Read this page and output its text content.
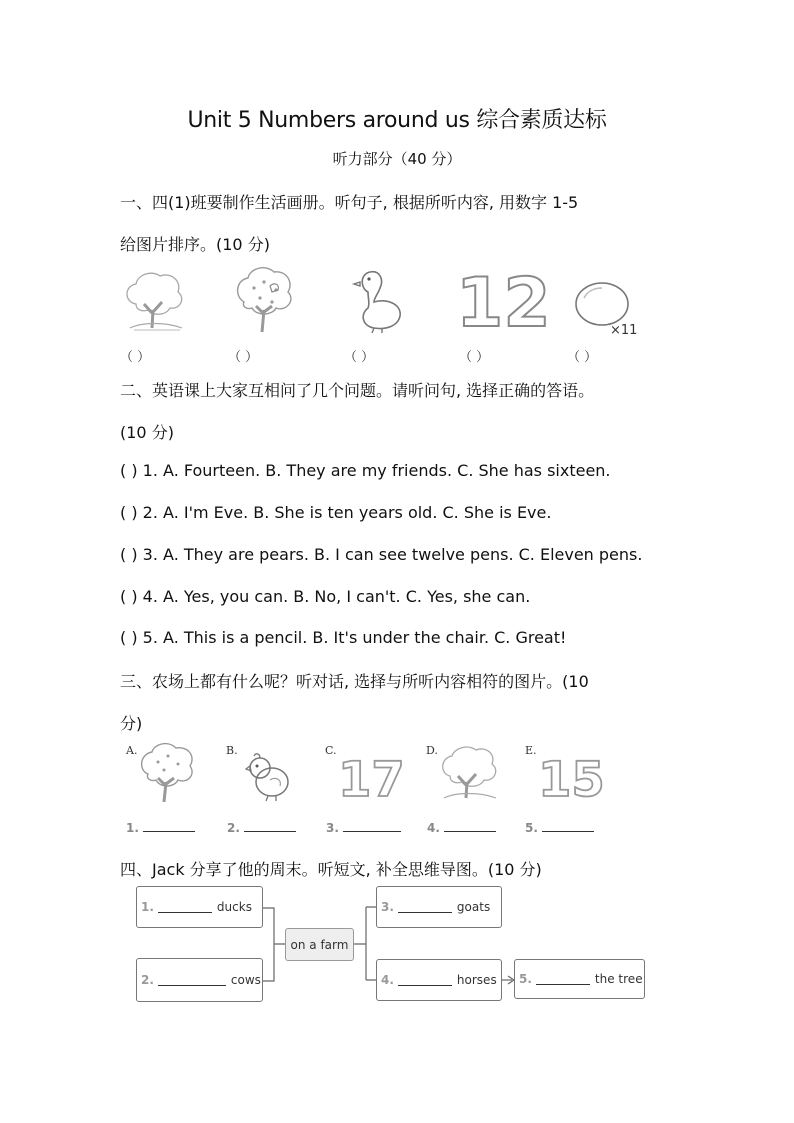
Unit 5 Numbers around us 综合素质达标
听力部分（40 分）
一、四(1)班要制作生活画册。听句子, 根据所听内容, 用数字 1-5
给图片排序。(10 分)
12	×11
（ ）	（ ）	（ ）	（ ）	（ ）
二、英语课上大家互相问了几个问题。请听问句, 选择正确的答语。
(10 分)
( ) 1. A. Fourteen. B. They are my friends. C. She has sixteen.
( ) 2. A. I'm Eve. B. She is ten years old. C. She is Eve.
( ) 3. A. They are pears. B. I can see twelve pens. C. Eleven pens.
( ) 4. A. Yes, you can. B. No, I can't. C. Yes, she can.
( ) 5. A. This is a pencil. B. It's under the chair. C. Great!
三、农场上都有什么呢？听对话, 选择与所听内容相符的图片。(10
分)
A.	B.	C.	D.	E.
17	15
1.	2.	3.	4.	5.
四、Jack 分享了他的周末。听短文, 补全思维导图。(10 分)
1.	ducks
2.	cows
on a farm
3.	goats
4.	horses 5.	the tree
